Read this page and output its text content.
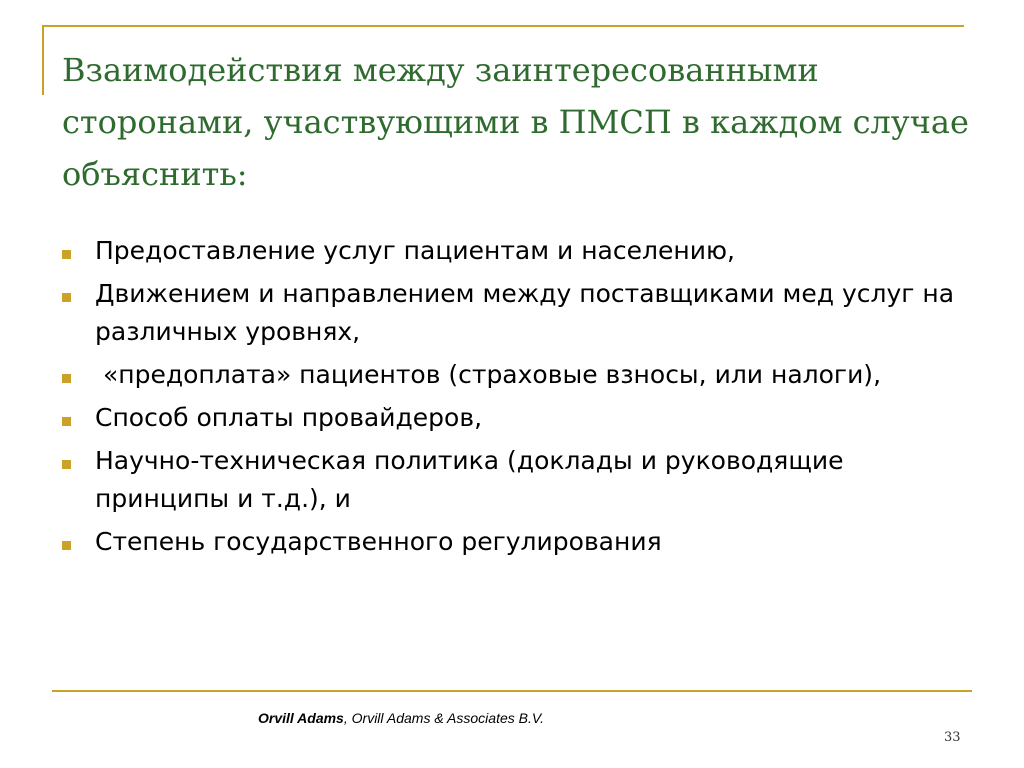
Взаимодействия между заинтересованными сторонами, участвующими в ПМСП в каждом случае объяснить:
Предоставление услуг пациентам и населению,
Движением и направлением между поставщиками мед услуг на различных уровнях,
«предоплата» пациентов (страховые взносы, или налоги),
Способ оплаты провайдеров,
Научно-техническая политика (доклады и руководящие принципы и т.д.), и
Степень государственного регулирования
Orvill Adams, Orvill Adams & Associates B.V.
33
